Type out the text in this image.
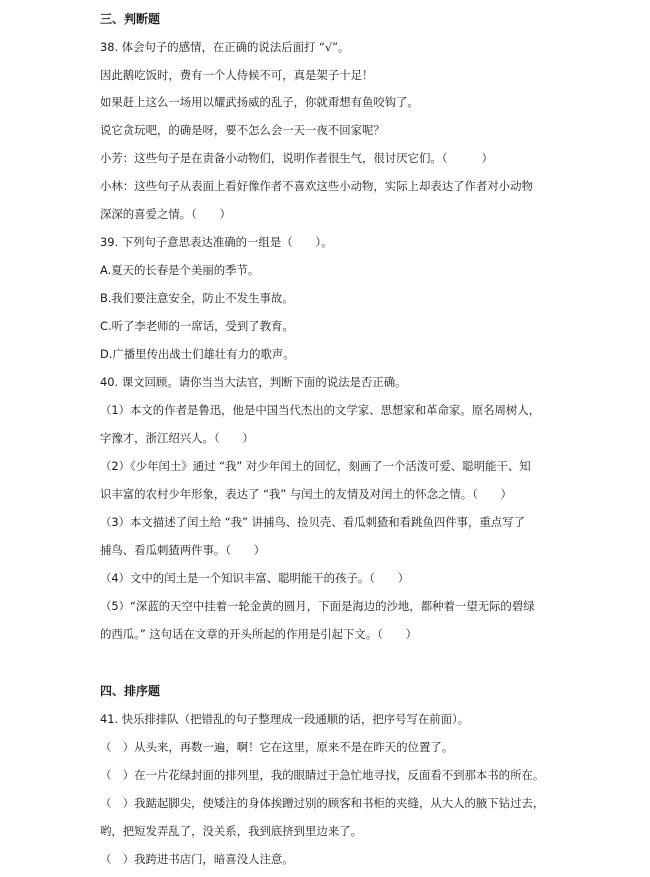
三、判断题
38. 体会句子的感情，在正确的说法后面打 “√”。
因此鹅吃饭时，费有一个人侍候不可，真是架子十足！
如果赶上这么一场用以耀武扬威的乱子，你就甭想有鱼咬钩了。
说它贪玩吧，的确是呀，要不怎么会一天一夜不回家呢？
小芳：这些句子是在责备小动物们，说明作者很生气，很讨厌它们。（　　　）
小林：这些句子从表面上看好像作者不喜欢这些小动物，实际上却表达了作者对小动物
深深的喜爱之情。（　　）
39. 下列句子意思表达准确的一组是（　　）。
A.夏天的长春是个美丽的季节。
B.我们要注意安全，防止不发生事故。
C.听了李老师的一席话，受到了教育。
D.广播里传出战士们雄壮有力的歌声。
40. 课文回顾。请你当当大法官，判断下面的说法是否正确。
（1）本文的作者是鲁迅，他是中国当代杰出的文学家、思想家和革命家。原名周树人，
字豫才，浙江绍兴人。（　　）
（2）《少年闰土》通过 “我” 对少年闰土的回忆，刻画了一个活泼可爱、聪明能干、知
识丰富的农村少年形象，表达了 “我” 与闰土的友情及对闰土的怀念之情。（　　）
（3）本文描述了闰土给 “我” 讲捕鸟、捡贝壳、看瓜刺猹和看跳鱼四件事，重点写了
捕鸟、看瓜刺猹两件事。（　　）
（4）文中的闰土是一个知识丰富、聪明能干的孩子。（　　）
（5）“深蓝的天空中挂着一轮金黄的圆月，下面是海边的沙地，都种着一望无际的碧绿
的西瓜。” 这句话在文章的开头所起的作用是引起下文。（　　）
四、排序题
41. 快乐排排队（把错乱的句子整理成一段通顺的话，把序号写在前面）。
（　）从头来，再数一遍，啊！它在这里，原来不是在昨天的位置了。
（　）在一片花绿封面的排列里，我的眼睛过于急忙地寻找，反面看不到那本书的所在。
（　）我踮起脚尖，使矮注的身体挨蹭过别的顾客和书柜的夹缝，从大人的腋下钻过去，
哟，把短发弄乱了，没关系，我到底挤到里边来了。
（　）我跨进书店门，暗喜没人注意。
